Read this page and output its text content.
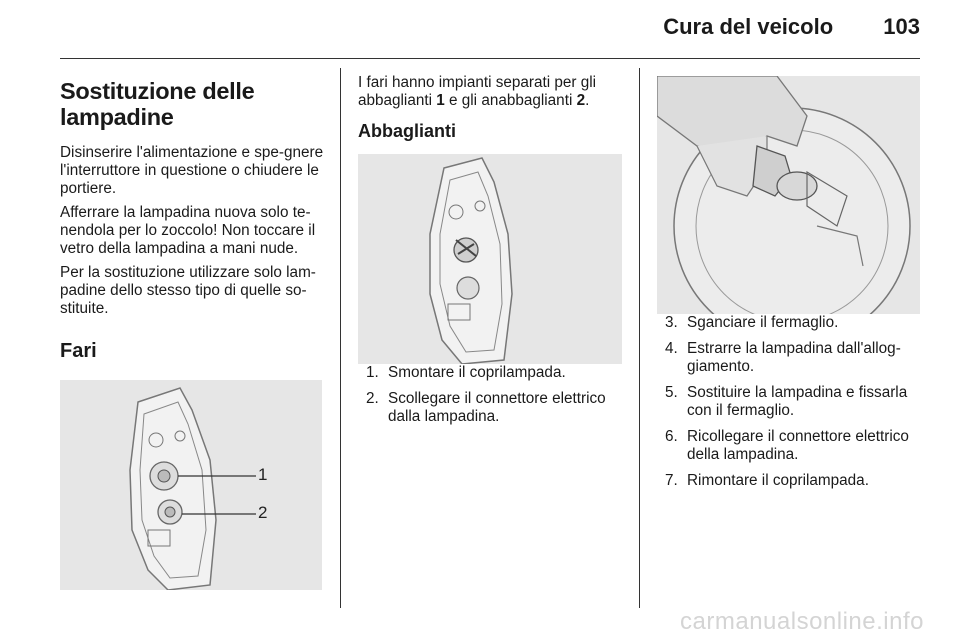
Cura del veicolo 103
Sostituzione delle lampadine

Disinserire l'alimentazione e spe-gnere l'interruttore in questione o chiudere le portiere.

Afferrare la lampadina nuova solo te-nendola per lo zoccolo! Non toccare il vetro della lampadina a mani nude.

Per la sostituzione utilizzare solo lam-padine dello stesso tipo di quelle so-stituite.

Fari
1
2

I fari hanno impianti separati per gli abbaglianti 1 e gli anabbaglianti 2.

Abbaglianti
1. Smontare il coprilampada.
2. Scollegare il connettore elettrico dalla lampadina.
3. Sganciare il fermaglio.
4. Estrarre la lampadina dall'allog-giamento.
5. Sostituire la lampadina e fissarla con il fermaglio.
6. Ricollegare il connettore elettrico della lampadina.
7. Rimontare il coprilampada.
carmanualsonline.info
